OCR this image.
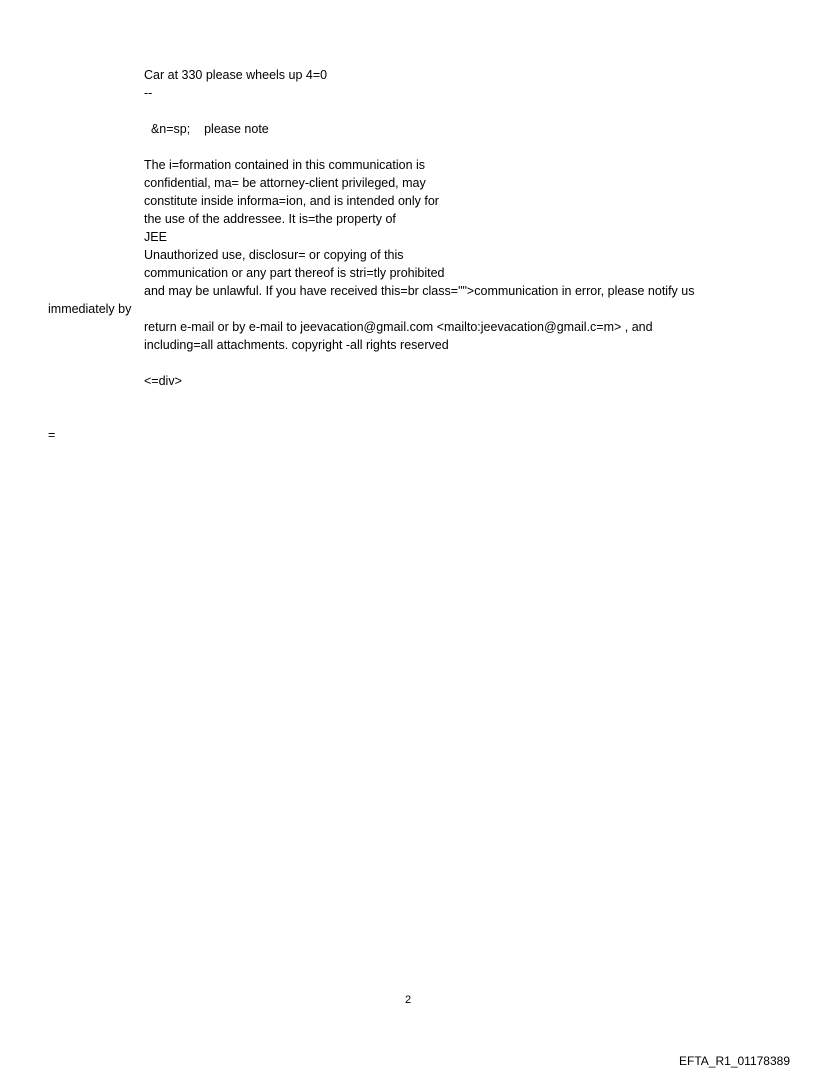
Car at 330 please wheels up 4=0
--
&n=sp;    please note
The i=formation contained in this communication is
confidential, ma= be attorney-client privileged, may
constitute inside informa=ion, and is intended only for
the use of the addressee. It is=the property of
JEE
Unauthorized use, disclosur= or copying of this
communication or any part thereof is stri=tly prohibited
and may be unlawful. If you have received this=br class="">communication in error, please notify us
immediately by
return e-mail or by e-mail to jeevacation@gmail.com <mailto:jeevacation@gmail.c=m> , and
including=all attachments. copyright -all rights reserved
<=div>
=
2
EFTA_R1_01178389
